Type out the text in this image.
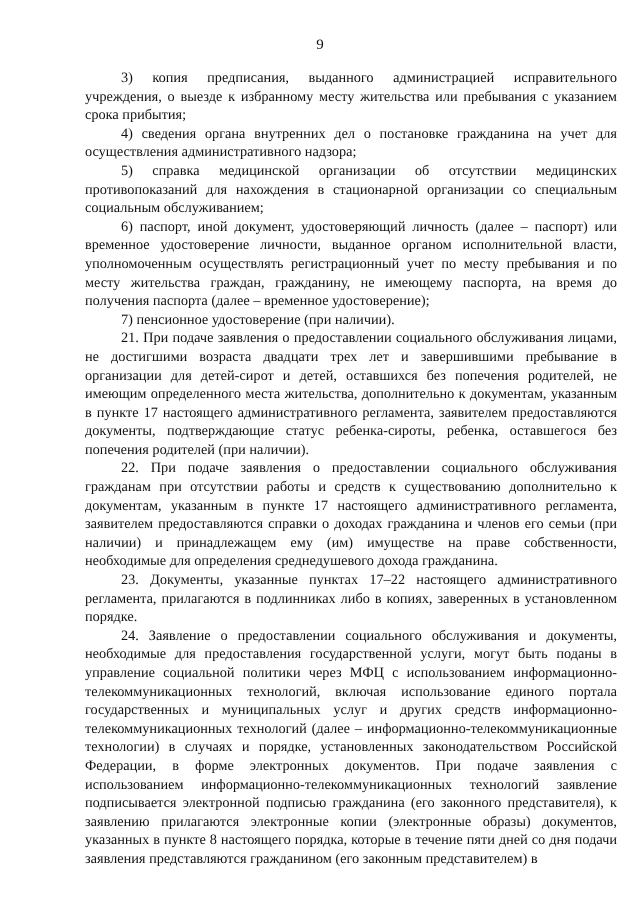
9

3) копия предписания, выданного администрацией исправительного учреждения, о выезде к избранному месту жительства или пребывания с указанием срока прибытия;

4) сведения органа внутренних дел о постановке гражданина на учет для осуществления административного надзора;

5) справка медицинской организации об отсутствии медицинских противопоказаний для нахождения в стационарной организации со специальным социальным обслуживанием;

6) паспорт, иной документ, удостоверяющий личность (далее – паспорт) или временное удостоверение личности, выданное органом исполнительной власти, уполномоченным осуществлять регистрационный учет по месту пребывания и по месту жительства граждан, гражданину, не имеющему паспорта, на время до получения паспорта (далее – временное удостоверение);

7) пенсионное удостоверение (при наличии).

21. При подаче заявления о предоставлении социального обслуживания лицами, не достигшими возраста двадцати трех лет и завершившими пребывание в организации для детей-сирот и детей, оставшихся без попечения родителей, не имеющим определенного места жительства, дополнительно к документам, указанным в пункте 17 настоящего административного регламента, заявителем предоставляются документы, подтверждающие статус ребенка-сироты, ребенка, оставшегося без попечения родителей (при наличии).

22. При подаче заявления о предоставлении социального обслуживания гражданам при отсутствии работы и средств к существованию дополнительно к документам, указанным в пункте 17 настоящего административного регламента, заявителем предоставляются справки о доходах гражданина и членов его семьи (при наличии) и принадлежащем ему (им) имуществе на праве собственности, необходимые для определения среднедушевого дохода гражданина.

23. Документы, указанные пунктах 17–22 настоящего административного регламента, прилагаются в подлинниках либо в копиях, заверенных в установленном порядке.

24. Заявление о предоставлении социального обслуживания и документы, необходимые для предоставления государственной услуги, могут быть поданы в управление социальной политики через МФЦ с использованием информационно-телекоммуникационных технологий, включая использование единого портала государственных и муниципальных услуг и других средств информационно-телекоммуникационных технологий (далее – информационно-телекоммуникационные технологии) в случаях и порядке, установленных законодательством Российской Федерации, в форме электронных документов. При подаче заявления с использованием информационно-телекоммуникационных технологий заявление подписывается электронной подписью гражданина (его законного представителя), к заявлению прилагаются электронные копии (электронные образы) документов, указанных в пункте 8 настоящего порядка, которые в течение пяти дней со дня подачи заявления представляются гражданином (его законным представителем) в
